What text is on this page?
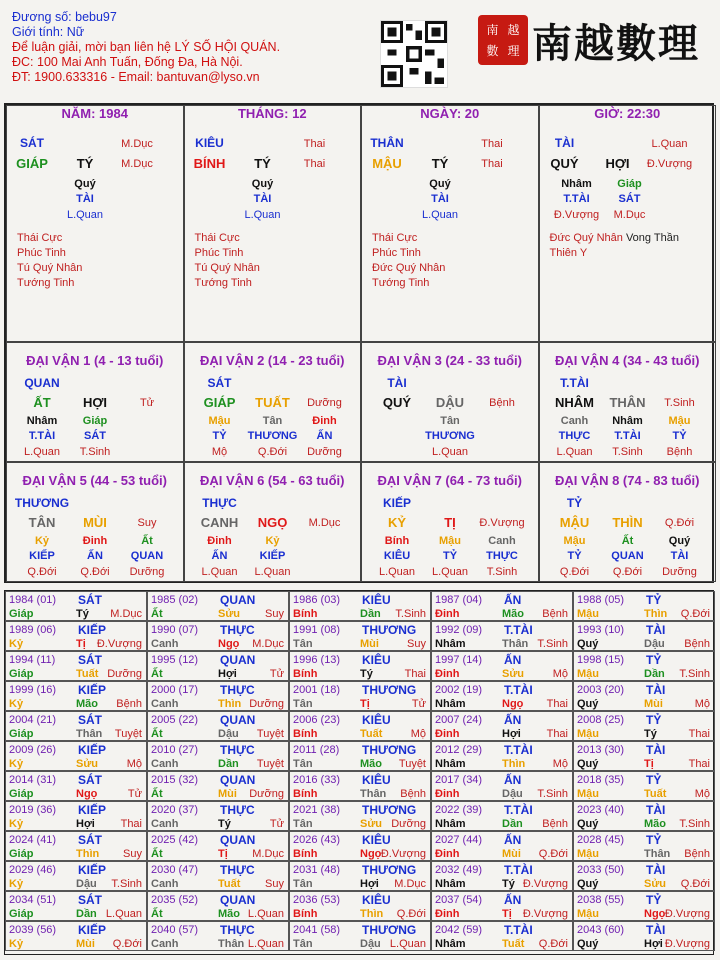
Đương số: bebu97
Giới tính: Nữ
Để luận giải, mời bạn liên hệ LÝ SỐ HỘI QUÁN.
ĐC: 100 Mai Anh Tuấn, Đống Đa, Hà Nội.
ĐT: 1900.633316 - Email: bantuvan@lyso.vn
南 越
數 理 南越數理
NĂM: 1984
SÁT	M.Dục
GIÁP	TÝ	M.Dục
Quý
TÀI
L.Quan
Thái Cực
Phúc Tinh
Tú Quý Nhân
Tướng Tinh
THÁNG: 12
KIÊU	Thai
BÍNH	TÝ	Thai
Quý
TÀI
L.Quan
Thái Cực
Phúc Tinh
Tú Quý Nhân
Tướng Tinh
NGÀY: 20
THÂN	Thai
MẬU	TÝ	Thai
Quý
TÀI
L.Quan
Thái Cực
Phúc Tinh
Đức Quý Nhân
Tướng Tinh
GIỜ: 22:30
TÀI	L.Quan
QUÝ	HỢI	Đ.Vượng
Nhâm	Giáp
T.TÀI	SÁT
Đ.Vượng	M.Dục
Đức Quý Nhân Vong Thần
Thiên Y
ĐẠI VẬN 1 (4 - 13 tuổi)
QUAN
ẤT	HỢI	Tử
Nhâm
T.TÀI
L.Quan
Giáp
SÁT
T.Sinh
ĐẠI VẬN 2 (14 - 23 tuổi)
SÁT
GIÁP	TUẤT	Dưỡng
Mậu
TỶ
Mộ
Tân
THƯƠNG
Q.Đới
Đinh
ẤN
Dưỡng
ĐẠI VẬN 3 (24 - 33 tuổi)
TÀI
QUÝ	DẬU	Bệnh
Tân
THƯƠNG
L.Quan
ĐẠI VẬN 4 (34 - 43 tuổi)
T.TÀI
NHÂM	THÂN	T.Sinh
Canh
THỰC
L.Quan
Nhâm
T.TÀI
T.Sinh
Mậu
TỶ
Bệnh
ĐẠI VẬN 5 (44 - 53 tuổi)
THƯƠNG
TÂN	MÙI	Suy
Kỷ
KIẾP
Q.Đới
Đinh
ẤN
Q.Đới
Ất
QUAN
Dưỡng
ĐẠI VẬN 6 (54 - 63 tuổi)
THỰC
CANH	NGỌ	M.Dục
Đinh
ẤN
L.Quan
Kỷ
KIẾP
L.Quan
ĐẠI VẬN 7 (64 - 73 tuổi)
KIẾP
KỶ	TỊ	Đ.Vượng
Bính
KIÊU
L.Quan
Mậu
TỶ
L.Quan
Canh
THỰC
T.Sinh
ĐẠI VẬN 8 (74 - 83 tuổi)
TỶ
MẬU	THÌN	Q.Đới
Mậu
TỶ
Q.Đới
Ất
QUAN
Q.Đới
Quý
TÀI
Dưỡng
1984 (01) SÁT
Giáp	Tý M.Dục
1985 (02) QUAN
Ất	Sửu Suy
1986 (03) KIÊU
Bính	Dần T.Sinh
1987 (04) ẤN
Đinh	Mão Bệnh
1988 (05) TỶ
Mậu	Thìn Q.Đới
1989 (06) KIẾP
Kỷ	Tị Đ.Vượng
1990 (07) THỰC
Canh	Ngọ M.Dục
1991 (08) THƯƠNG
Tân	Mùi	Suy
1992 (09) T.TÀI
Nhâm	Thân T.Sinh
1993 (10) TÀI
Quý	Dậu Bệnh
1994 (11) SÁT
Giáp	Tuất Dưỡng
1995 (12) QUAN
Ất	Hợi	Tử
1996 (13) KIÊU
Bính	Tý	Thai
1997 (14) ẤN
Đinh	Sửu	Mộ
1998 (15) TỶ
Mậu	Dần T.Sinh
1999 (16) KIẾP
Kỷ	Mão Bệnh
2000 (17) THỰC
Canh	Thìn Dưỡng
2001 (18) THƯƠNG
Tân	Tị	Tử
2002 (19) T.TÀI
Nhâm	Ngọ Thai
2003 (20) TÀI
Quý	Mùi	Mộ
2004 (21) SÁT
Giáp	Thân Tuyệt
2005 (22) QUAN
Ất	Dậu Tuyệt
2006 (23) KIÊU
Bính	Tuất	Mộ
2007 (24) ẤN
Đinh	Hợi Thai
2008 (25) TỶ
Mậu	Tý	Thai
2009 (26) KIẾP
Kỷ	Sửu	Mộ
2010 (27) THỰC
Canh	Dần Tuyệt
2011 (28) THƯƠNG
Tân	Mão Tuyệt
2012 (29) T.TÀI
Nhâm	Thìn	Mộ
2013 (30) TÀI
Quý	Tị	Thai
2014 (31) SÁT
Giáp	Ngọ	Tử
2015 (32) QUAN
Ất	Mùi Dưỡng
2016 (33) KIÊU
Bính	Thân Bệnh
2017 (34) ẤN
Đinh	Dậu T.Sinh
2018 (35) TỶ
Mậu	Tuất	Mộ
2019 (36) KIẾP
Kỷ	Hợi Thai
2020 (37) THỰC
Canh	Tý	Tử
2021 (38) THƯƠNG
Tân	Sửu Dưỡng
2022 (39) T.TÀI
Nhâm	Dần Bệnh
2023 (40) TÀI
Quý	Mão T.Sinh
2024 (41) SÁT
Giáp	Thìn Suy
2025 (42) QUAN
Ất	Tị M.Dục
2026 (43) KIÊU
Bính	Ngọ Đ.Vượng
2027 (44) ẤN
Đinh	Mùi Q.Đới
2028 (45) TỶ
Mậu	Thân Bệnh
2029 (46) KIẾP
Kỷ	Dậu T.Sinh
2030 (47) THỰC
Canh	Tuất Suy
2031 (48) THƯƠNG
Tân	Hợi M.Dục
2032 (49) T.TÀI
Nhâm	Tý Đ.Vượng
2033 (50) TÀI
Quý	Sửu Q.Đới
2034 (51) SÁT
Giáp	Dần L.Quan
2035 (52) QUAN
Ất	Mão L.Quan
2036 (53) KIÊU
Bính	Thìn Q.Đới
2037 (54) ẤN
Đinh	Tị Đ.Vượng
2038 (55) TỶ
Mậu	Ngọ Đ.Vượng
2039 (56) KIẾP
Kỷ	Mùi Q.Đới
2040 (57) THỰC
Canh	Thân L.Quan
2041 (58) THƯƠNG
Tân	Dậu L.Quan
2042 (59) T.TÀI
Nhâm	Tuất Q.Đới
2043 (60) TÀI
Quý	Hợi Đ.Vượng
